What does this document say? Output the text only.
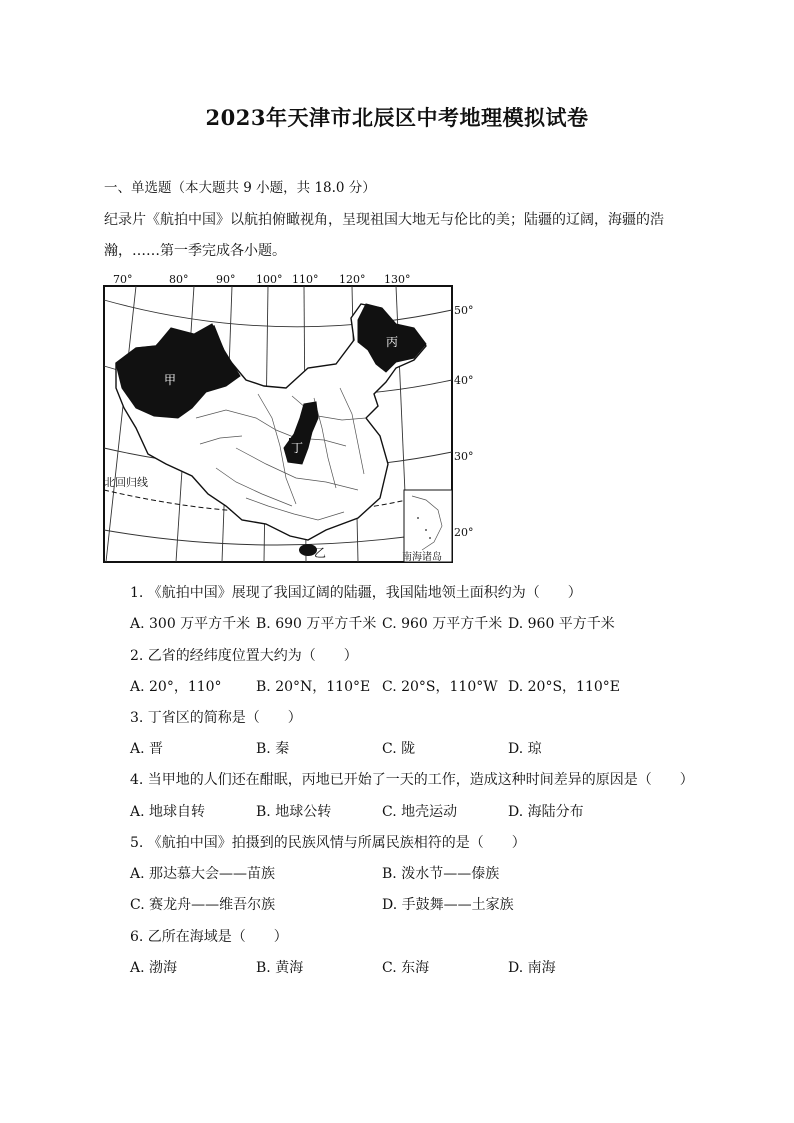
2023年天津市北辰区中考地理模拟试卷
一、单选题（本大题共 9 小题，共 18.0 分）
纪录片《航拍中国》以航拍俯瞰视角，呈现祖国大地无与伦比的美；陆疆的辽阔，海疆的浩瀚，……第一季完成各小题。
70°	80°	90° 100° 110° 120° 130°
50°
40°
30°
20°
甲
丙
丁
乙
北回归线
南海诸岛
1. 《航拍中国》展现了我国辽阔的陆疆，我国陆地领土面积约为（　　）
A. 300 万平方千米 B. 690 万平方千米 C. 960 万平方千米 D. 960 平方千米
2. 乙省的经纬度位置大约为（　　）
A. 20°，110° B. 20°N，110°E C. 20°S，110°W D. 20°S，110°E
3. 丁省区的简称是（　　）
A. 晋	B. 秦	C. 陇	D. 琼
4. 当甲地的人们还在酣眠，丙地已开始了一天的工作，造成这种时间差异的原因是（　　）
A. 地球自转	B. 地球公转	C. 地壳运动	D. 海陆分布
5. 《航拍中国》拍摄到的民族风情与所属民族相符的是（　　）
A. 那达慕大会——苗族	B. 泼水节——傣族
C. 赛龙舟——维吾尔族	D. 手鼓舞——土家族
6. 乙所在海域是（　　）
A. 渤海	B. 黄海	C. 东海	D. 南海
